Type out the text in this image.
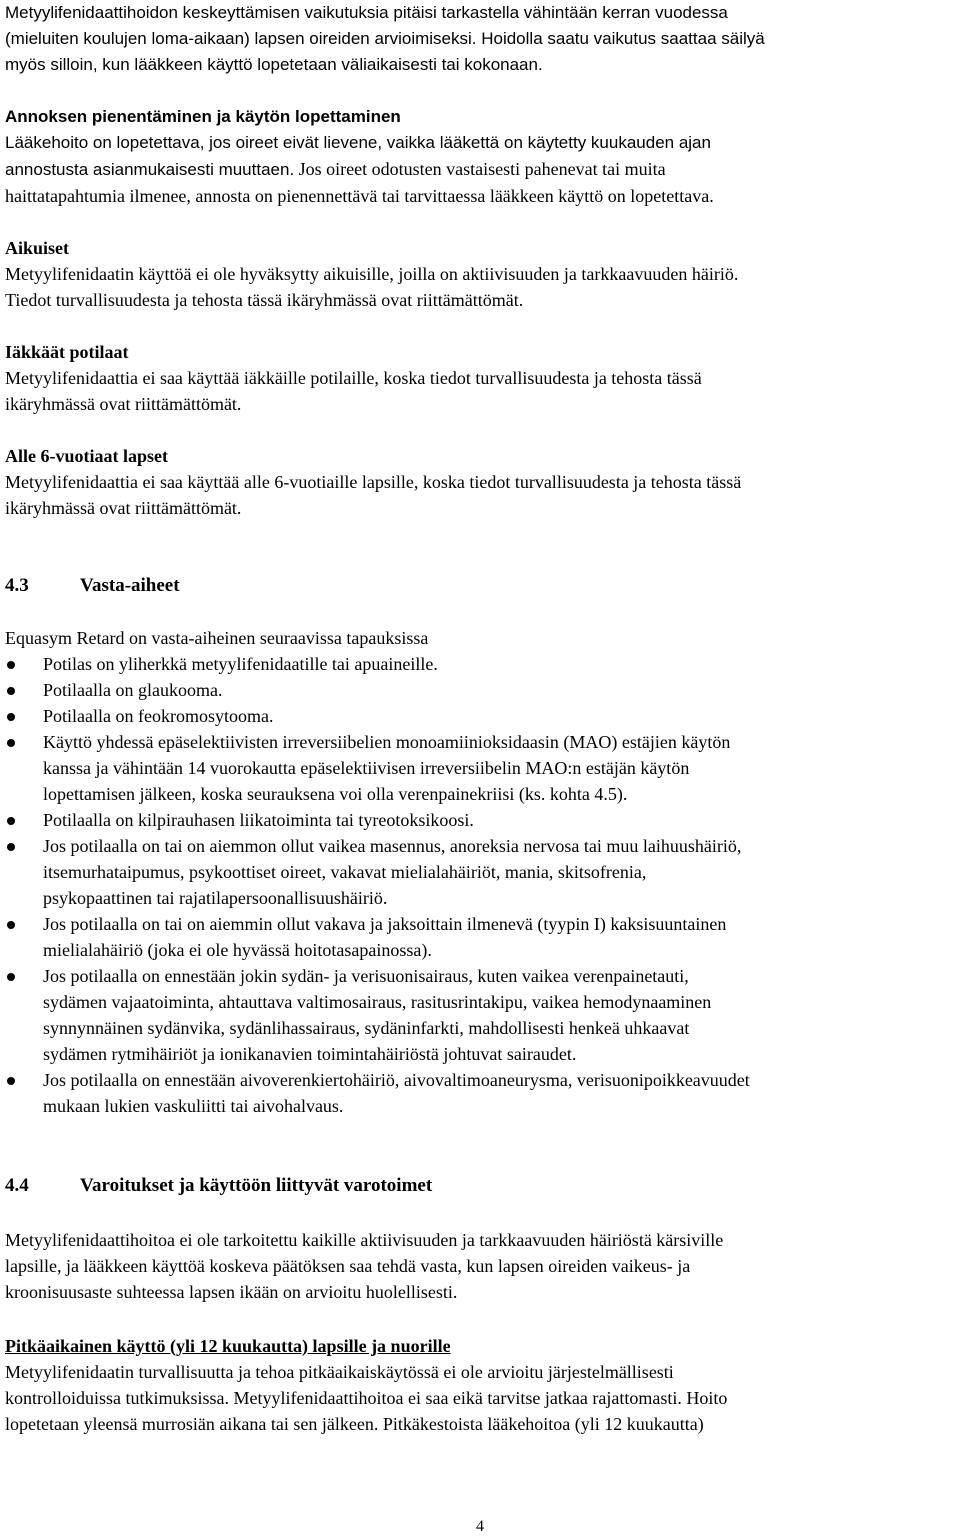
Metyylifenidaattihoidon keskeyttämisen vaikutuksia pitäisi tarkastella vähintään kerran vuodessa

(mieluiten koulujen loma-aikaan) lapsen oireiden arvioimiseksi. Hoidolla saatu vaikutus saattaa säilyä

myös silloin, kun lääkkeen käyttö lopetetaan väliaikaisesti tai kokonaan.

Annoksen pienentäminen ja käytön lopettaminen

Lääkehoito on lopetettava, jos oireet eivät lievene, vaikka lääkettä on käytetty kuukauden ajan

annostusta asianmukaisesti muuttaen. Jos oireet odotusten vastaisesti pahenevat tai muita

haittatapahtumia ilmenee, annosta on pienennettävä tai tarvittaessa lääkkeen käyttö on lopetettava.

Aikuiset

Metyylifenidaatin käyttöä ei ole hyväksytty aikuisille, joilla on aktiivisuuden ja tarkkaavuuden häiriö.

Tiedot turvallisuudesta ja tehosta tässä ikäryhmässä ovat riittämättömät.

Iäkkäät potilaat

Metyylifenidaattia ei saa käyttää iäkkäille potilaille, koska tiedot turvallisuudesta ja tehosta tässä

ikäryhmässä ovat riittämättömät.

Alle 6-vuotiaat lapset

Metyylifenidaattia ei saa käyttää alle 6-vuotiaille lapsille, koska tiedot turvallisuudesta ja tehosta tässä

ikäryhmässä ovat riittämättömät.

4.3	Vasta-aiheet

Equasym Retard on vasta-aiheinen seuraavissa tapauksissa

Potilas on yliherkkä metyylifenidaatille tai apuaineille.
Potilaalla on glaukooma.
Potilaalla on feokromosytooma.
Käyttö yhdessä epäselektiivisten irreversiibelien monoamiinioksidaasin (MAO) estäjien käytön
kanssa ja vähintään 14 vuorokautta epäselektiivisen irreversiibelin MAO:n estäjän käytön
lopettamisen jälkeen, koska seurauksena voi olla verenpainekriisi (ks. kohta 4.5).
Potilaalla on kilpirauhasen liikatoiminta tai tyreotoksikoosi.
Jos potilaalla on tai on aiemmon ollut vaikea masennus, anoreksia nervosa tai muu laihuushäiriö,
itsemurhataipumus, psykoottiset oireet, vakavat mielialahäiriöt, mania, skitsofrenia,
psykopaattinen tai rajatilapersoonallisuushäiriö.
Jos potilaalla on tai on aiemmin ollut vakava ja jaksoittain ilmenevä (tyypin I) kaksisuuntainen
mielialahäiriö (joka ei ole hyvässä hoitotasapainossa).
Jos potilaalla on ennestään jokin sydän- ja verisuonisairaus, kuten vaikea verenpainetauti,
sydämen vajaatoiminta, ahtauttava valtimosairaus, rasitusrintakipu, vaikea hemodynaaminen
synnynnäinen sydänvika, sydänlihassairaus, sydäninfarkti, mahdollisesti henkeä uhkaavat
sydämen rytmihäiriöt ja ionikanavien toimintahäiriöstä johtuvat sairaudet.
Jos potilaalla on ennestään aivoverenkiertohäiriö, aivovaltimoaneurysma, verisuonipoikkeavuudet
mukaan lukien vaskuliitti tai aivohalvaus.
4.4	Varoitukset ja käyttöön liittyvät varotoimet

Metyylifenidaattihoitoa ei ole tarkoitettu kaikille aktiivisuuden ja tarkkaavuuden häiriöstä kärsiville

lapsille, ja lääkkeen käyttöä koskeva päätöksen saa tehdä vasta, kun lapsen oireiden vaikeus- ja

kroonisuusaste suhteessa lapsen ikään on arvioitu huolellisesti.

Pitkäaikainen käyttö (yli 12 kuukautta) lapsille ja nuorille

Metyylifenidaatin turvallisuutta ja tehoa pitkäaikaiskäytössä ei ole arvioitu järjestelmällisesti

kontrolloiduissa tutkimuksissa. Metyylifenidaattihoitoa ei saa eikä tarvitse jatkaa rajattomasti. Hoito

lopetetaan yleensä murrosiän aikana tai sen jälkeen. Pitkäkestoista lääkehoitoa (yli 12 kuukautta)

4
